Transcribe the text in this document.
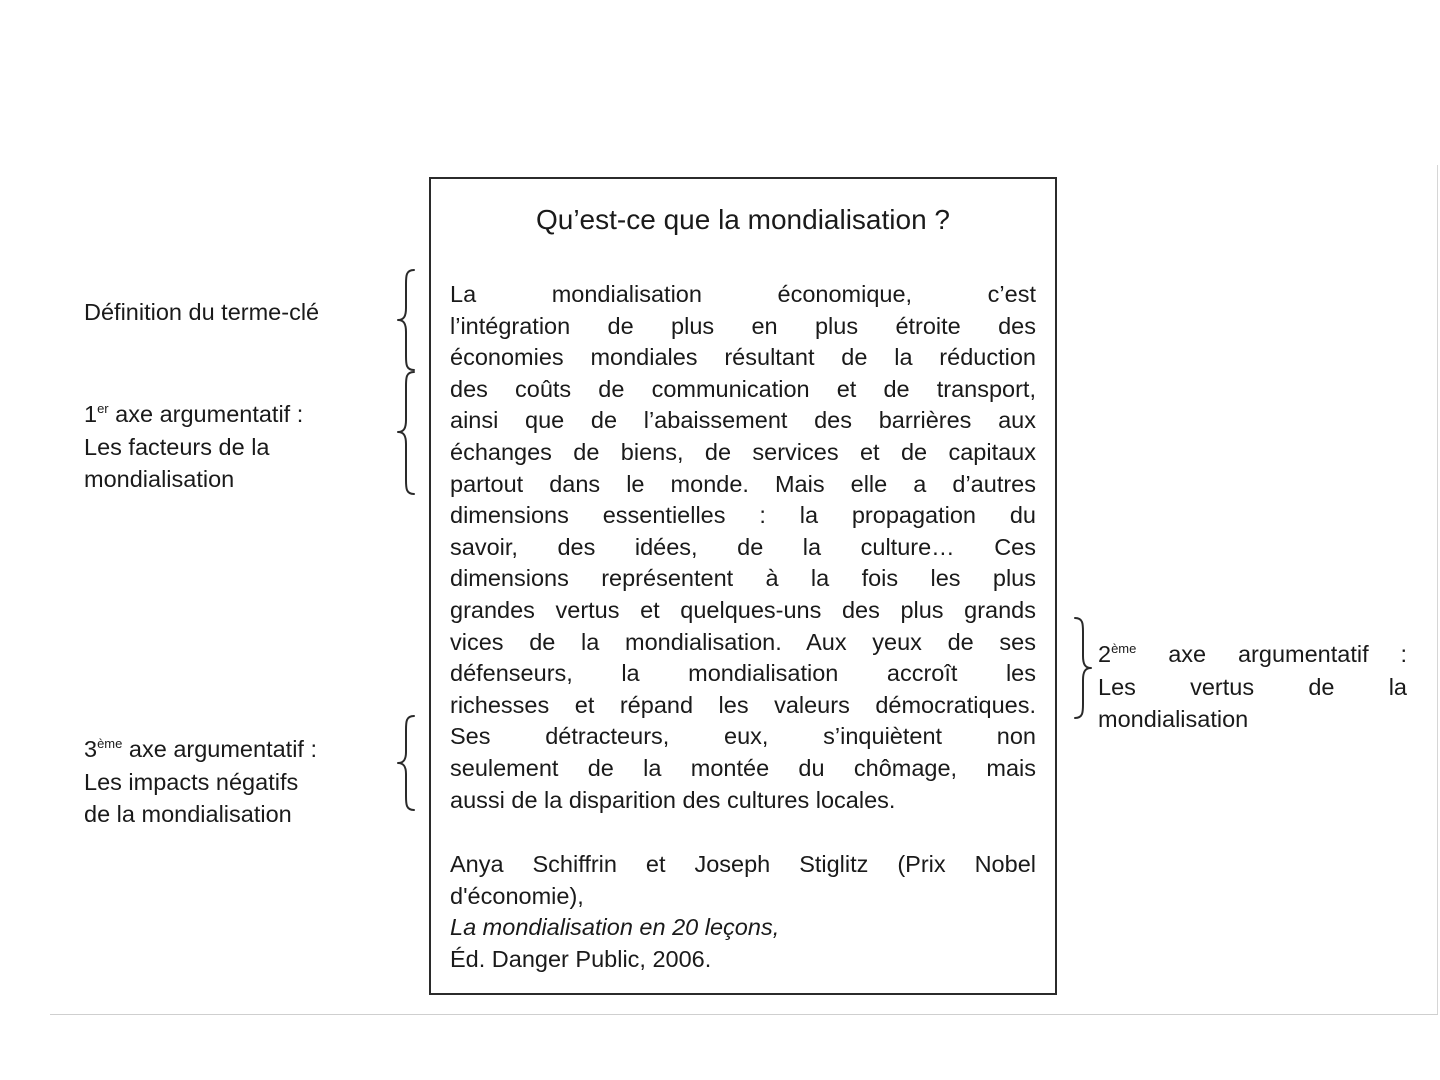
Qu’est-ce que la mondialisation ?
La mondialisation économique, c’est
l’intégration de plus en plus étroite des
économies mondiales résultant de la réduction
des coûts de communication et de transport,
ainsi que de l’abaissement des barrières aux
échanges de biens, de services et de capitaux
partout dans le monde. Mais elle a d’autres
dimensions essentielles : la propagation du
savoir, des idées, de la culture… Ces
dimensions représentent à la fois les plus
grandes vertus et quelques-uns des plus grands
vices de la mondialisation. Aux yeux de ses
défenseurs, la mondialisation accroît les
richesses et répand les valeurs démocratiques.
Ses détracteurs, eux, s’inquiètent non
seulement de la montée du chômage, mais
aussi de la disparition des cultures locales.
Anya Schiffrin et Joseph Stiglitz (Prix Nobel
d'économie),
La mondialisation en 20 leçons,
Éd. Danger Public, 2006.
Définition du terme-clé
1er axe argumentatif :
Les facteurs de la
mondialisation
3ème axe argumentatif :
Les impacts négatifs
de la mondialisation
2ème axe argumentatif :
Les vertus de la
mondialisation
